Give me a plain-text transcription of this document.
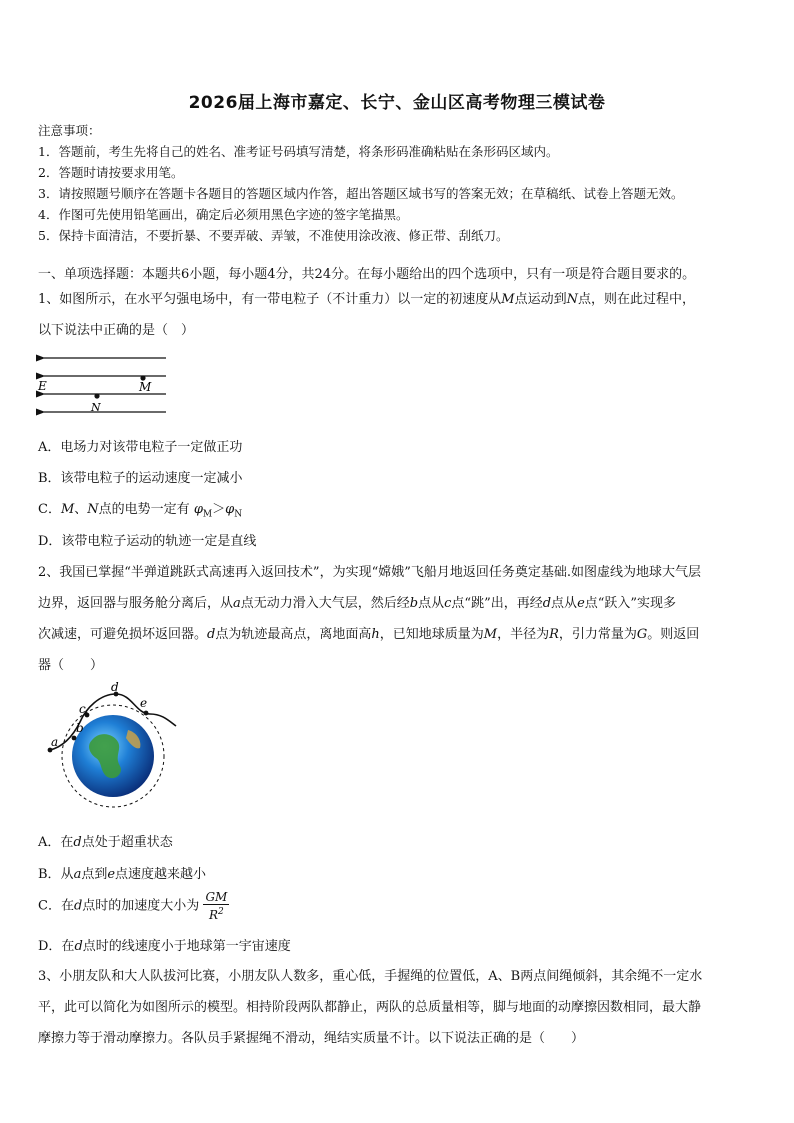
2026届上海市嘉定、长宁、金山区高考物理三模试卷
注意事项：
1．答题前，考生先将自己的姓名、准考证号码填写清楚，将条形码准确粘贴在条形码区域内。
2．答题时请按要求用笔。
3．请按照题号顺序在答题卡各题目的答题区域内作答，超出答题区域书写的答案无效；在草稿纸、试卷上答题无效。
4．作图可先使用铅笔画出，确定后必须用黑色字迹的签字笔描黑。
5．保持卡面清洁，不要折暴、不要弄破、弄皱，不准使用涂改液、修正带、刮纸刀。
一、单项选择题：本题共6小题，每小题4分，共24分。在每小题给出的四个选项中，只有一项是符合题目要求的。
1、如图所示，在水平匀强电场中，有一带电粒子（不计重力）以一定的初速度从M点运动到N点，则在此过程中，
以下说法中正确的是（　）
E	M
N
A．电场力对该带电粒子一定做正功
B．该带电粒子的运动速度一定减小
C．M、N点的电势一定有 $\varphi_M>\varphi_N$
D．该带电粒子运动的轨迹一定是直线
2、我国已掌握“半弹道跳跃式高速再入返回技术”，为实现“嫦娥”飞船月地返回任务奠定基础.如图虚线为地球大气层
边界，返回器与服务舱分离后，从a点无动力滑入大气层，然后经b点从c点“跳”出，再经d点从e点“跃入”实现多
次减速，可避免损坏返回器。d点为轨迹最高点，离地面高h，已知地球质量为M，半径为R，引力常量为G。则返回
器（　　）
a
b
c
d
e
A．在d点处于超重状态
B．从a点到e点速度越来越小
C．在d点时的加速度大小为 $\frac{GM}{R^2}$
D．在d点时的线速度小于地球第一宇宙速度
3、小朋友队和大人队拔河比赛，小朋友队人数多，重心低，手握绳的位置低，A、B两点间绳倾斜，其余绳不一定水
平，此可以简化为如图所示的模型。相持阶段两队都静止，两队的总质量相等，脚与地面的动摩擦因数相同，最大静
摩擦力等于滑动摩擦力。各队员手紧握绳不滑动，绳结实质量不计。以下说法正确的是（　　）
